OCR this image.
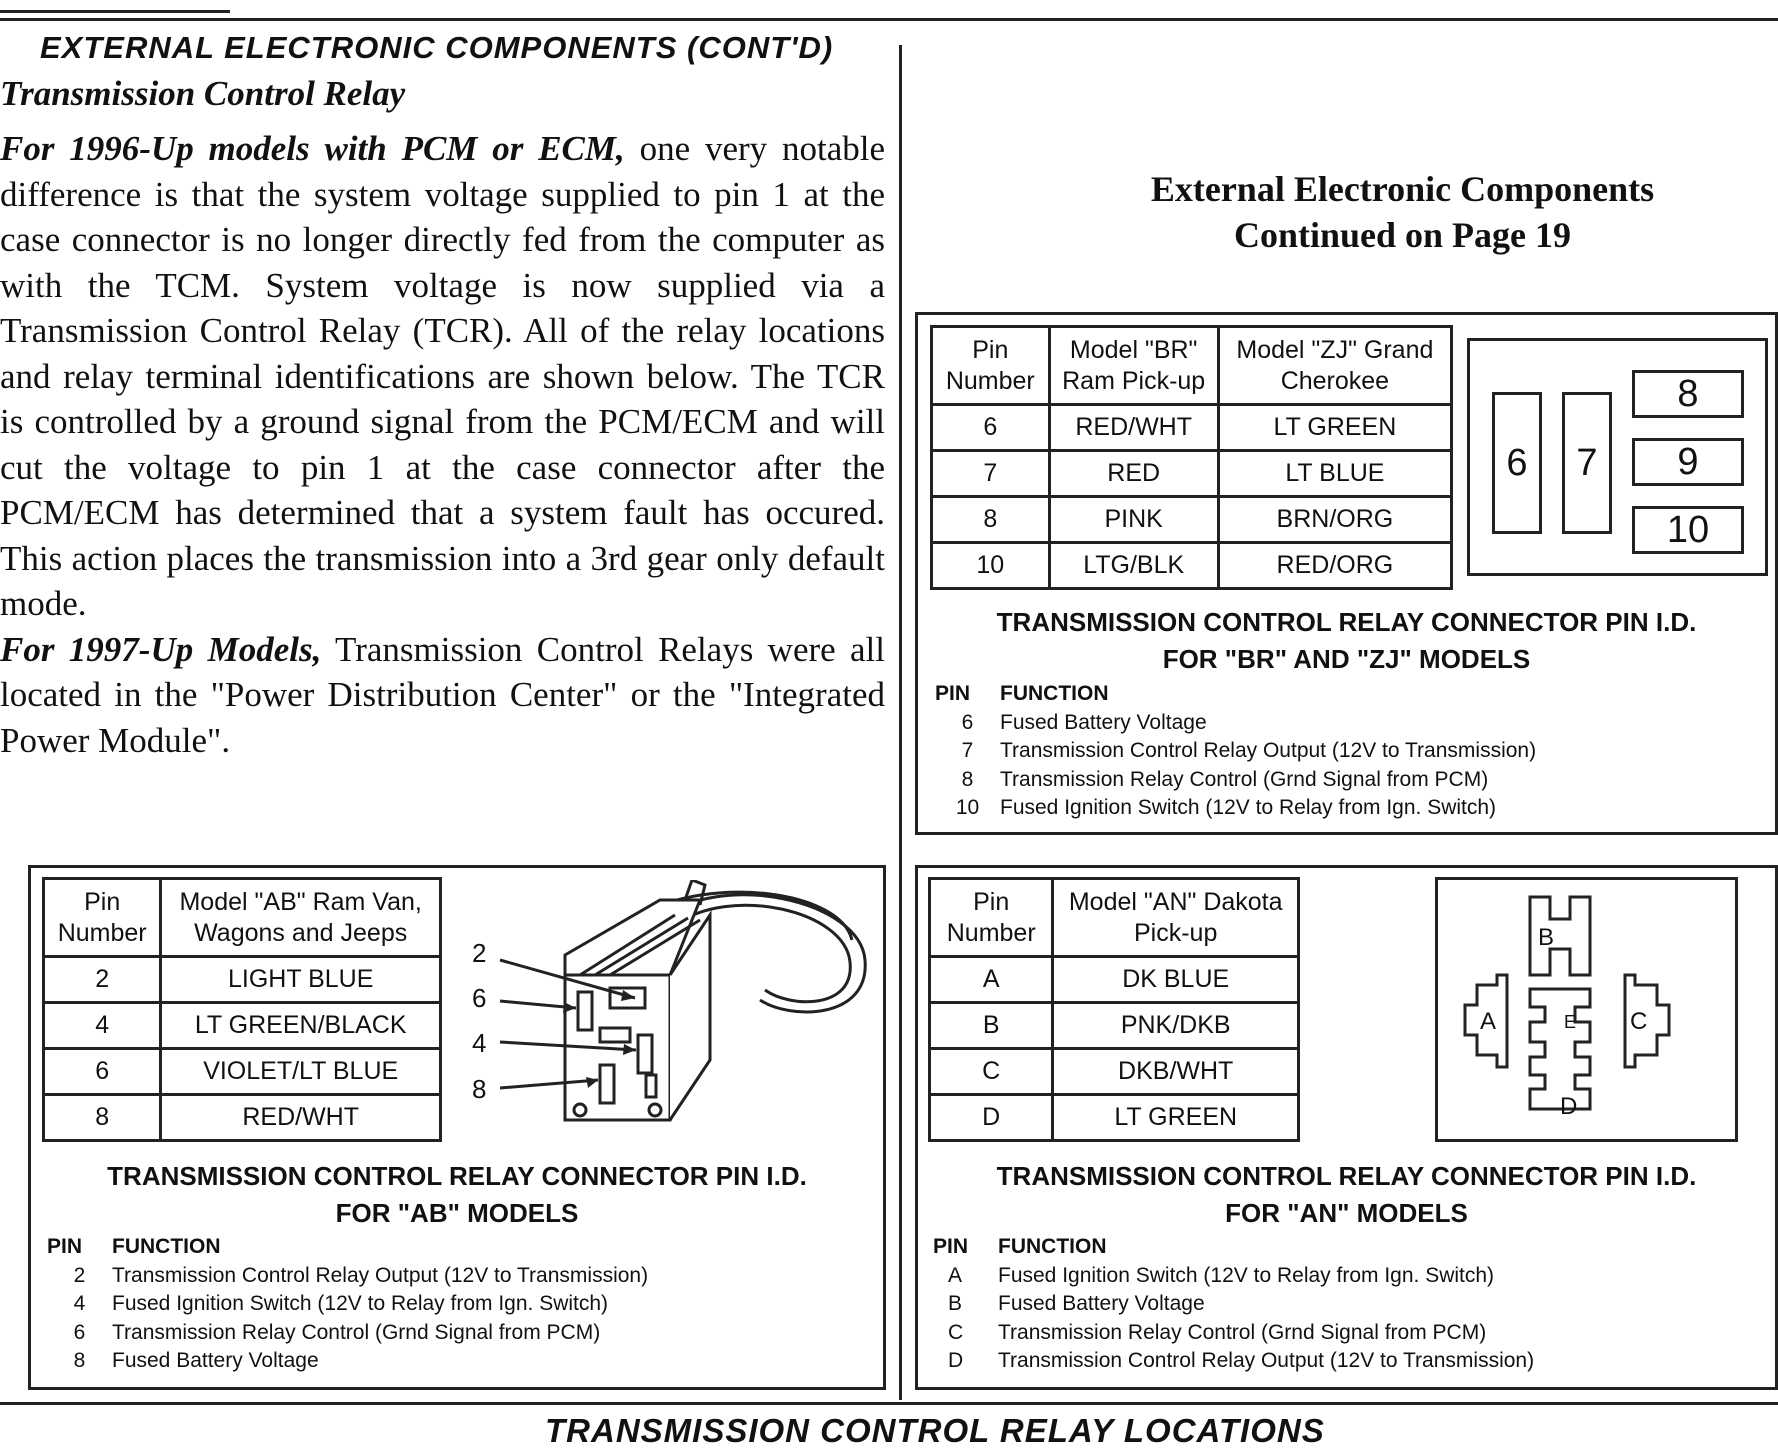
EXTERNAL ELECTRONIC COMPONENTS (CONT'D)
Transmission Control Relay

For 1996-Up models with PCM or ECM, one very notable difference is that the system voltage supplied to pin 1 at the case connector is no longer directly fed from the computer as with the TCM. System voltage is now supplied via a Transmission Control Relay (TCR). All of the relay locations and relay terminal identifications are shown below. The TCR is controlled by a ground signal from the PCM/ECM and will cut the voltage to pin 1 at the case connector after the PCM/ECM has determined that a system fault has occured. This action places the transmission into a 3rd gear only default mode.

For 1997-Up Models, Transmission Control Relays were all located in the "Power Distribution Center" or the "Integrated Power Module".

External Electronic Components
Continued on Page 19
Pin Number	Model "BR" Ram Pick-up	Model "ZJ" Grand Cherokee
6	RED/WHT	LT GREEN
7	RED	LT BLUE
8	PINK	BRN/ORG
10	LTG/BLK	RED/ORG
6	7
8
9
10
TRANSMISSION CONTROL RELAY CONNECTOR PIN I.D.
FOR "BR" AND "ZJ" MODELS
PIN	FUNCTION
6	Fused Battery Voltage
7	Transmission Control Relay Output (12V to Transmission)
8	Transmission Relay Control (Grnd Signal from PCM)
10 Fused Ignition Switch (12V to Relay from Ign. Switch)
Pin Number	Model "AB" Ram Van, Wagons and Jeeps
2	LIGHT BLUE
4	LT GREEN/BLACK
6	VIOLET/LT BLUE
8	RED/WHT
2
6
4
8
TRANSMISSION CONTROL RELAY CONNECTOR PIN I.D.
FOR "AB" MODELS
PIN	FUNCTION
2	Transmission Control Relay Output (12V to Transmission)
4	Fused Ignition Switch (12V to Relay from Ign. Switch)
6	Transmission Relay Control (Grnd Signal from PCM)
8	Fused Battery Voltage
Pin Number	Model "AN" Dakota Pick-up
A	DK BLUE
B	PNK/DKB
C	DKB/WHT
D	LT GREEN
A
B
C
D
E
TRANSMISSION CONTROL RELAY CONNECTOR PIN I.D.
FOR "AN" MODELS
PIN	FUNCTION
A	Fused Ignition Switch (12V to Relay from Ign. Switch)
B	Fused Battery Voltage
C	Transmission Relay Control (Grnd Signal from PCM)
D	Transmission Control Relay Output (12V to Transmission)
TRANSMISSION CONTROL RELAY LOCATIONS
